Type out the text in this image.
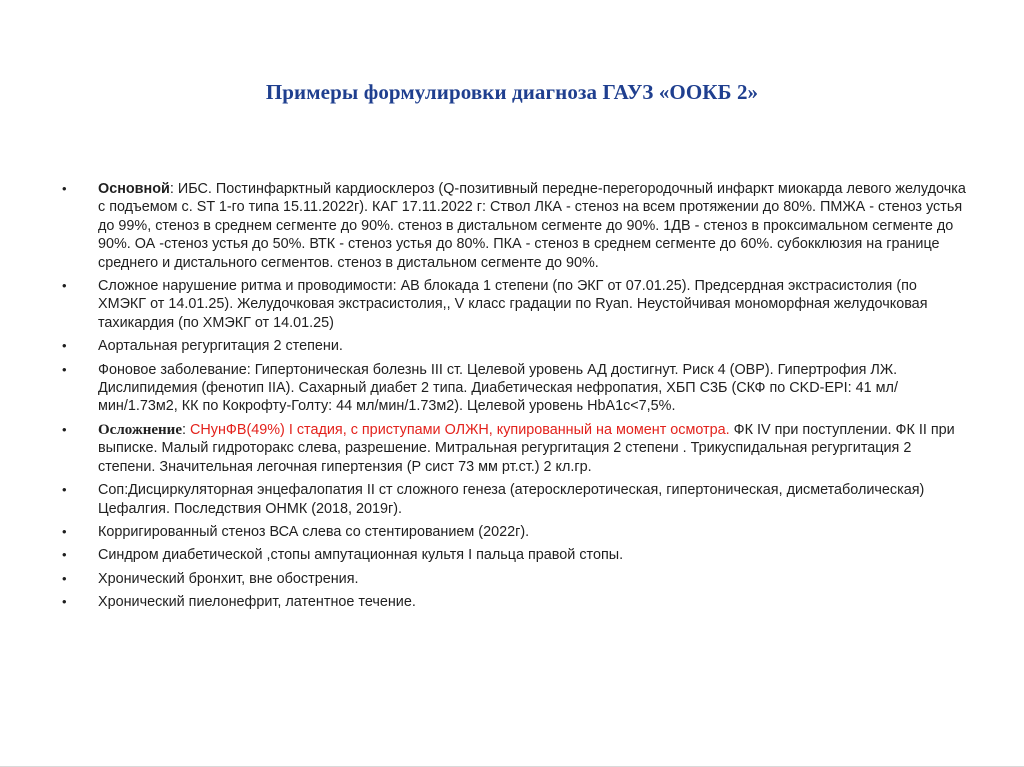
Примеры формулировки диагноза ГАУЗ «ООКБ 2»
•	Основной: ИБС. Постинфарктный кардиосклероз (Q-позитивный передне-перегородочный инфаркт миокарда левого желудочка с подъемом с. ST 1-го типа 15.11.2022г). КАГ 17.11.2022 г: Ствол ЛКА - стеноз на всем протяжении до 80%. ПМЖА - стеноз устья до 99%, стеноз в среднем сегменте до 90%. стеноз в дистальном сегменте до 90%. 1ДВ - стеноз в проксимальном сегменте до 90%. ОА -стеноз устья до 50%. ВТК - стеноз устья до 80%. ПКА - стеноз в среднем сегменте до 60%. субокклюзия на границе среднего и дистального сегментов. стеноз в дистальном сегменте до 90%.
•	Сложное нарушение ритма и проводимости: АВ блокада 1 степени (по ЭКГ от 07.01.25). Предсердная экстрасистолия (по ХМЭКГ от 14.01.25). Желудочковая экстрасистолия,, V класс градации по Ryan. Неустойчивая мономорфная желудочковая тахикардия (по ХМЭКГ от 14.01.25)
•	Аортальная регургитация 2 степени.
•	Фоновое заболевание: Гипертоническая болезнь III ст. Целевой уровень АД достигнут. Риск 4 (ОВР). Гипертрофия ЛЖ. Дислипидемия (фенотип IIA). Сахарный диабет 2 типа. Диабетическая нефропатия, ХБП С3Б (СКФ по CKD-EPI: 41 мл/мин/1.73м2, КК по Кокрофту-Голту: 44 мл/мин/1.73м2). Целевой уровень HbA1c<7,5%.
•	Осложнение: СНунФВ(49%) I стадия, с приступами ОЛЖН, купированный на момент осмотра. ФК IV при поступлении. ФК II при выписке. Малый гидроторакс слева, разрешение. Митральная регургитация 2 степени . Трикуспидальная регургитация 2 степени. Значительная легочная гипертензия (Р сист 73 мм рт.ст.) 2 кл.гр.
•	Соп:Дисциркуляторная энцефалопатия II ст сложного генеза (атеросклеротическая, гипертоническая, дисметаболическая) Цефалгия. Последствия ОНМК (2018, 2019г).
•	Корригированный стеноз ВСА слева со стентированием (2022г).
•	Синдром диабетической ,стопы ампутационная культя I пальца правой стопы.
•	Хронический бронхит, вне обострения.
•	Хронический пиелонефрит, латентное течение.
